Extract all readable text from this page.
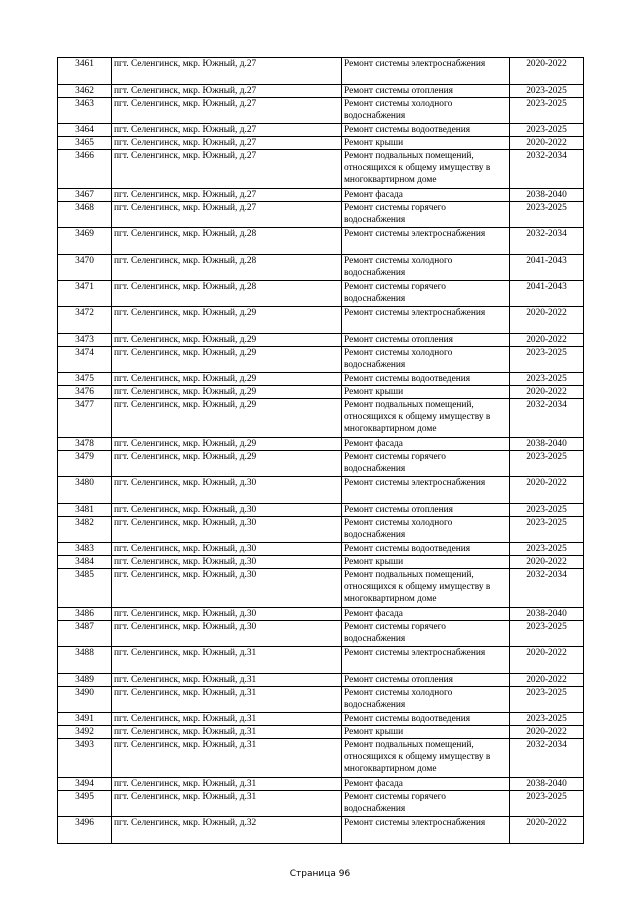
3461	пгт. Селенгинск, мкр. Южный, д.27	Ремонт системы электроснабжения	2020-2022
3462	пгт. Селенгинск, мкр. Южный, д.27	Ремонт системы отопления	2023-2025
3463	пгт. Селенгинск, мкр. Южный, д.27	Ремонт системы холодного водоснабжения	2023-2025
3464	пгт. Селенгинск, мкр. Южный, д.27	Ремонт системы водоотведения	2023-2025
3465	пгт. Селенгинск, мкр. Южный, д.27	Ремонт крыши	2020-2022
3466	пгт. Селенгинск, мкр. Южный, д.27	Ремонт подвальных помещений, относящихся к общему имуществу в многоквартирном доме	2032-2034
3467	пгт. Селенгинск, мкр. Южный, д.27	Ремонт фасада	2038-2040
3468	пгт. Селенгинск, мкр. Южный, д.27	Ремонт системы горячего водоснабжения	2023-2025
3469	пгт. Селенгинск, мкр. Южный, д.28	Ремонт системы электроснабжения	2032-2034
3470	пгт. Селенгинск, мкр. Южный, д.28	Ремонт системы холодного водоснабжения	2041-2043
3471	пгт. Селенгинск, мкр. Южный, д.28	Ремонт системы горячего водоснабжения	2041-2043
3472	пгт. Селенгинск, мкр. Южный, д.29	Ремонт системы электроснабжения	2020-2022
3473	пгт. Селенгинск, мкр. Южный, д.29	Ремонт системы отопления	2020-2022
3474	пгт. Селенгинск, мкр. Южный, д.29	Ремонт системы холодного водоснабжения	2023-2025
3475	пгт. Селенгинск, мкр. Южный, д.29	Ремонт системы водоотведения	2023-2025
3476	пгт. Селенгинск, мкр. Южный, д.29	Ремонт крыши	2020-2022
3477	пгт. Селенгинск, мкр. Южный, д.29	Ремонт подвальных помещений, относящихся к общему имуществу в многоквартирном доме	2032-2034
3478	пгт. Селенгинск, мкр. Южный, д.29	Ремонт фасада	2038-2040
3479	пгт. Селенгинск, мкр. Южный, д.29	Ремонт системы горячего водоснабжения	2023-2025
3480	пгт. Селенгинск, мкр. Южный, д.30	Ремонт системы электроснабжения	2020-2022
3481	пгт. Селенгинск, мкр. Южный, д.30	Ремонт системы отопления	2023-2025
3482	пгт. Селенгинск, мкр. Южный, д.30	Ремонт системы холодного водоснабжения	2023-2025
3483	пгт. Селенгинск, мкр. Южный, д.30	Ремонт системы водоотведения	2023-2025
3484	пгт. Селенгинск, мкр. Южный, д.30	Ремонт крыши	2020-2022
3485	пгт. Селенгинск, мкр. Южный, д.30	Ремонт подвальных помещений, относящихся к общему имуществу в многоквартирном доме	2032-2034
3486	пгт. Селенгинск, мкр. Южный, д.30	Ремонт фасада	2038-2040
3487	пгт. Селенгинск, мкр. Южный, д.30	Ремонт системы горячего водоснабжения	2023-2025
3488	пгт. Селенгинск, мкр. Южный, д.31	Ремонт системы электроснабжения	2020-2022
3489	пгт. Селенгинск, мкр. Южный, д.31	Ремонт системы отопления	2020-2022
3490	пгт. Селенгинск, мкр. Южный, д.31	Ремонт системы холодного водоснабжения	2023-2025
3491	пгт. Селенгинск, мкр. Южный, д.31	Ремонт системы водоотведения	2023-2025
3492	пгт. Селенгинск, мкр. Южный, д.31	Ремонт крыши	2020-2022
3493	пгт. Селенгинск, мкр. Южный, д.31	Ремонт подвальных помещений, относящихся к общему имуществу в многоквартирном доме	2032-2034
3494	пгт. Селенгинск, мкр. Южный, д.31	Ремонт фасада	2038-2040
3495	пгт. Селенгинск, мкр. Южный, д.31	Ремонт системы горячего водоснабжения	2023-2025
3496	пгт. Селенгинск, мкр. Южный, д.32	Ремонт системы электроснабжения	2020-2022
Страница 96
